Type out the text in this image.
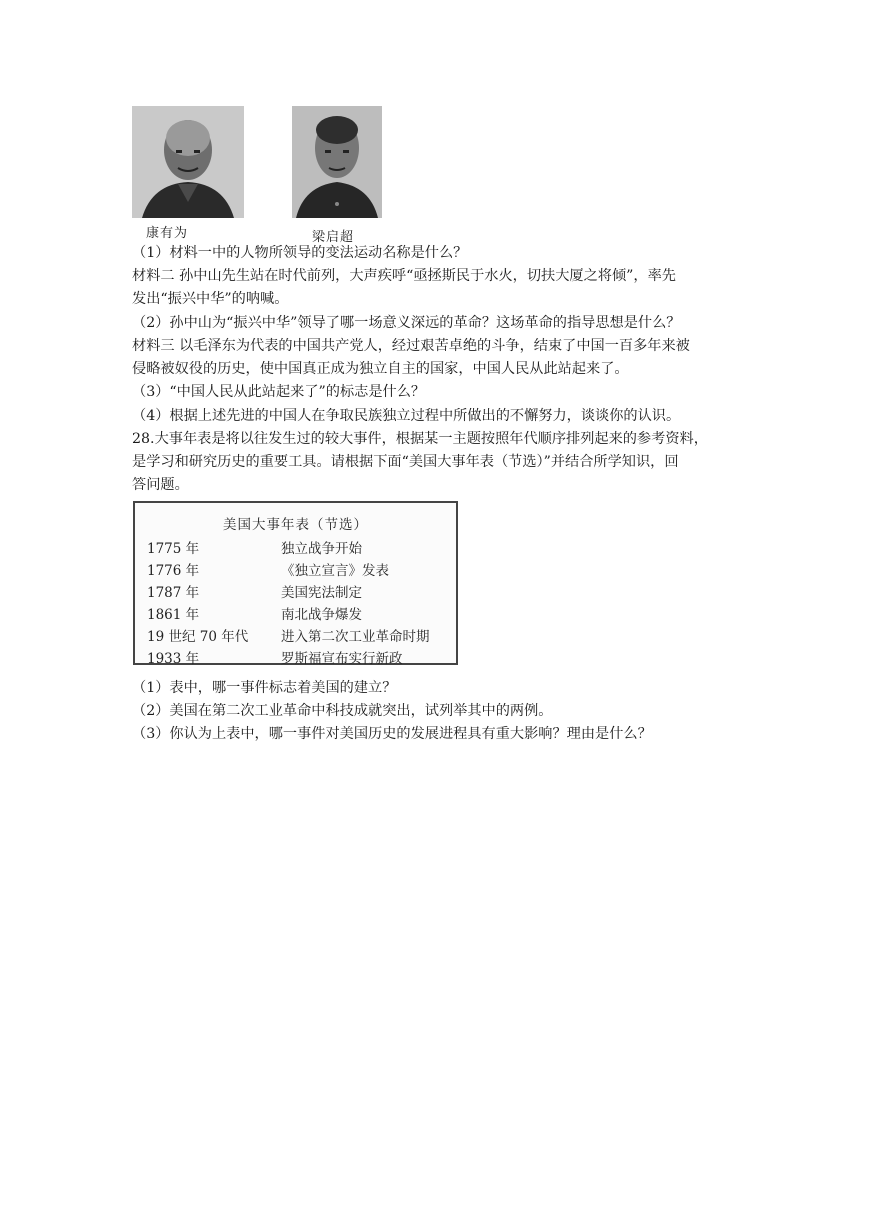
康有为	梁启超
（1）材料一中的人物所领导的变法运动名称是什么？
材料二 孙中山先生站在时代前列，大声疾呼“亟拯斯民于水火，切扶大厦之将倾”，率先
发出“振兴中华”的呐喊。
（2）孙中山为“振兴中华”领导了哪一场意义深远的革命？这场革命的指导思想是什么？
材料三 以毛泽东为代表的中国共产党人，经过艰苦卓绝的斗争，结束了中国一百多年来被
侵略被奴役的历史，使中国真正成为独立自主的国家，中国人民从此站起来了。
（3）“中国人民从此站起来了”的标志是什么？
（4）根据上述先进的中国人在争取民族独立过程中所做出的不懈努力，谈谈你的认识。
28.大事年表是将以往发生过的较大事件，根据某一主题按照年代顺序排列起来的参考资料，
是学习和研究历史的重要工具。请根据下面“美国大事年表（节选）”并结合所学知识，回
答问题。
美国大事年表（节选）
1775 年	独立战争开始
1776 年	《独立宣言》发表
1787 年	美国宪法制定
1861 年	南北战争爆发
19 世纪 70 年代 进入第二次工业革命时期
1933 年	罗斯福宣布实行新政
（1）表中，哪一事件标志着美国的建立？
（2）美国在第二次工业革命中科技成就突出，试列举其中的两例。
（3）你认为上表中，哪一事件对美国历史的发展进程具有重大影响？理由是什么？
